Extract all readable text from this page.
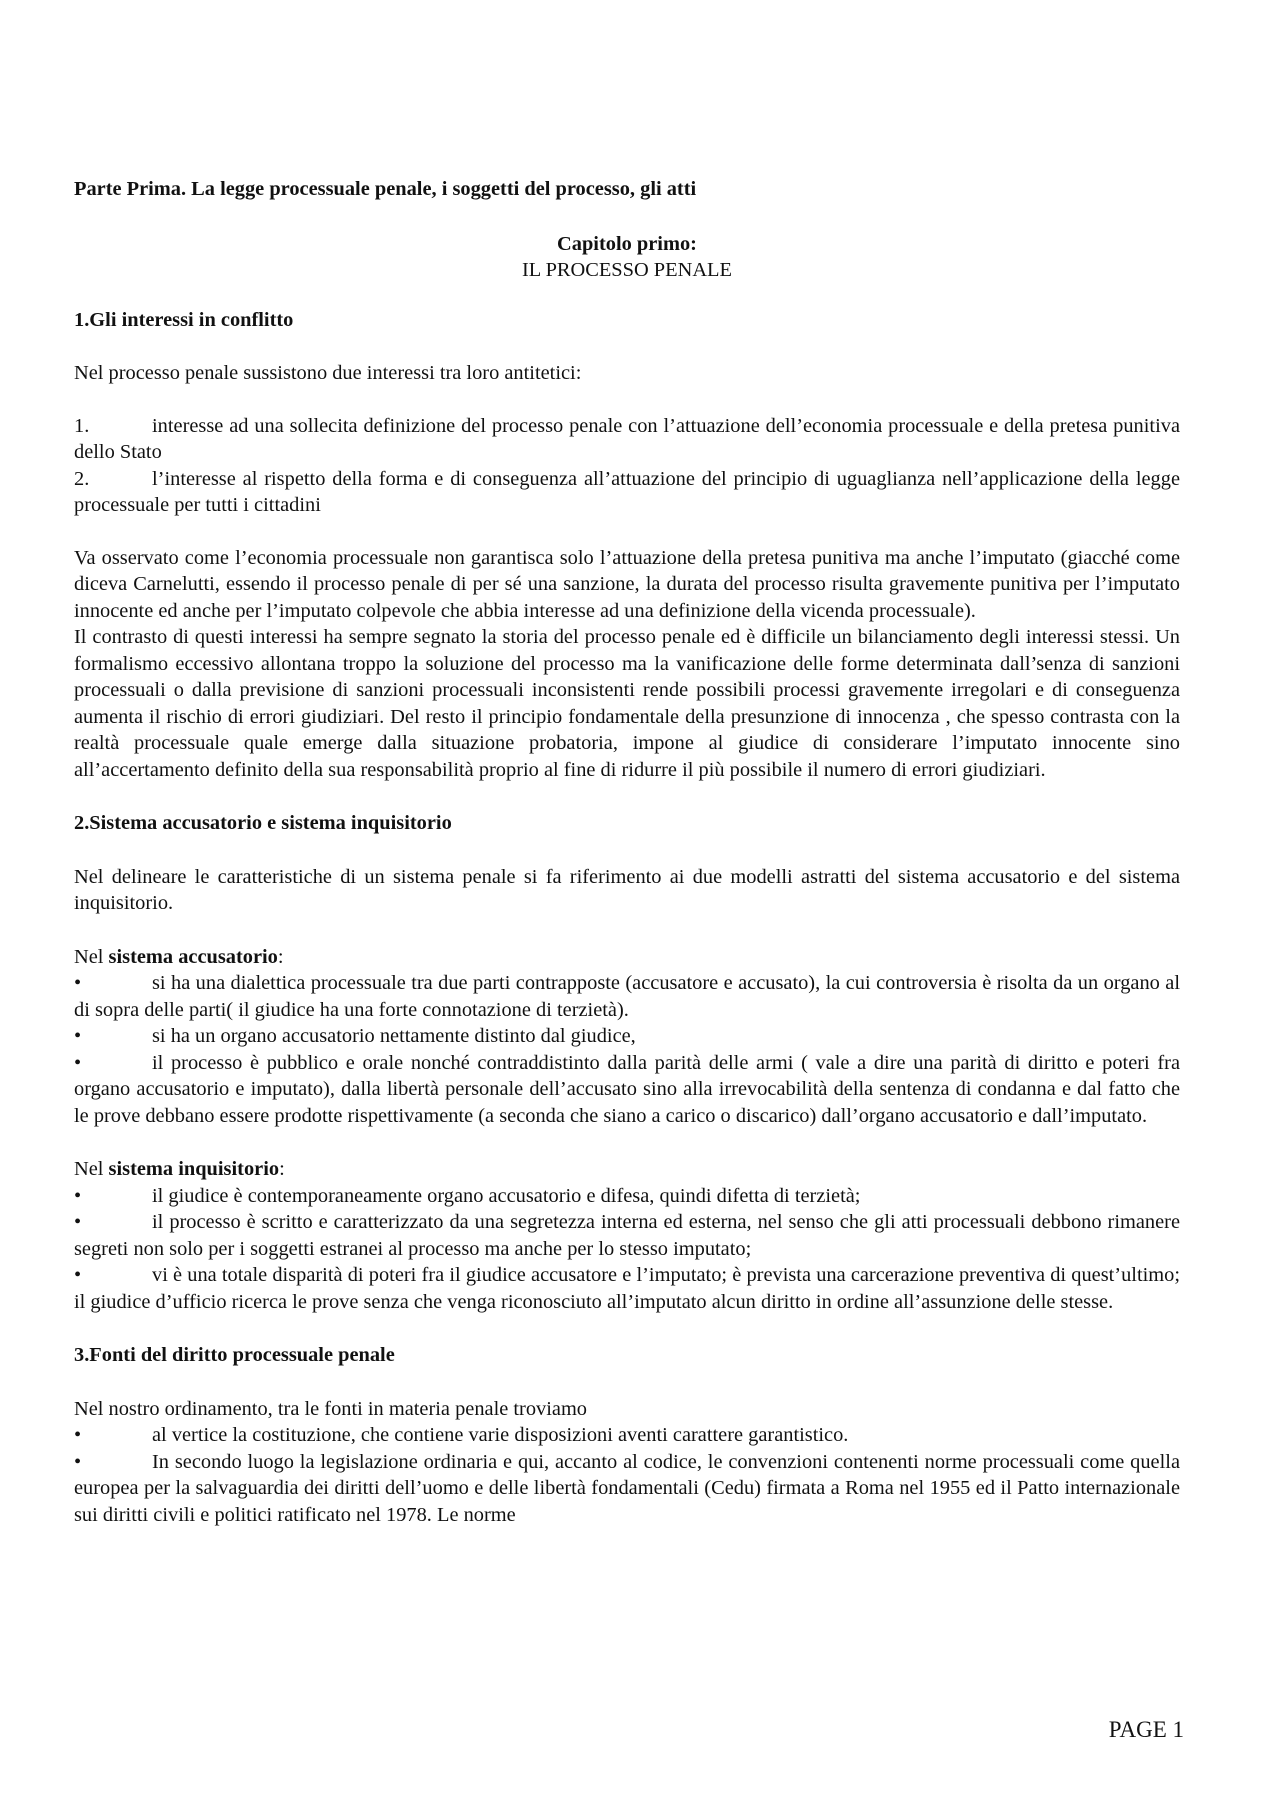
Parte Prima. La legge processuale penale, i soggetti del processo, gli atti

Capitolo primo:
IL PROCESSO PENALE

1.Gli interessi in conflitto

Nel processo penale sussistono due interessi tra loro antitetici:

1.	interesse ad una sollecita definizione del processo penale con l’attuazione dell’economia processuale e della pretesa punitiva dello Stato

2.	l’interesse al rispetto della forma e di conseguenza all’attuazione del principio di uguaglianza nell’applicazione della legge processuale per tutti i cittadini

Va osservato come l’economia processuale non garantisca solo l’attuazione della pretesa punitiva ma anche l’imputato (giacché come diceva Carnelutti, essendo il processo penale di per sé una sanzione, la durata del processo risulta gravemente punitiva per l’imputato innocente ed anche per l’imputato colpevole che abbia interesse ad una definizione della vicenda processuale).

Il contrasto di questi interessi ha sempre segnato la storia del processo penale ed è difficile un bilanciamento degli interessi stessi. Un formalismo eccessivo allontana troppo la soluzione del processo ma la vanificazione delle forme determinata dall’senza di sanzioni processuali o dalla previsione di sanzioni processuali inconsistenti rende possibili processi gravemente irregolari e di conseguenza aumenta il rischio di errori giudiziari. Del resto il principio fondamentale della presunzione di innocenza , che spesso contrasta con la realtà processuale quale emerge dalla situazione probatoria, impone al giudice di considerare l’imputato innocente sino all’accertamento definito della sua responsabilità proprio al fine di ridurre il più possibile il numero di errori giudiziari.

2.Sistema accusatorio e sistema inquisitorio

Nel delineare le caratteristiche di un sistema penale si fa riferimento ai due modelli astratti del sistema accusatorio e del sistema inquisitorio.

Nel sistema accusatorio:

•	si ha una dialettica processuale tra due parti contrapposte (accusatore e accusato), la cui controversia è risolta da un organo al di sopra delle parti( il giudice ha una forte connotazione di terzietà).

•	si ha un organo accusatorio nettamente distinto dal giudice,

•	il processo è pubblico e orale nonché contraddistinto dalla parità delle armi ( vale a dire una parità di diritto e poteri fra organo accusatorio e imputato), dalla libertà personale dell’accusato sino alla irrevocabilità della sentenza di condanna e dal fatto che le prove debbano essere prodotte rispettivamente (a seconda che siano a carico o discarico) dall’organo accusatorio e dall’imputato.

Nel sistema inquisitorio:

•	il giudice è contemporaneamente organo accusatorio e difesa, quindi difetta di terzietà;

•	il processo è scritto e caratterizzato da una segretezza interna ed esterna, nel senso che gli atti processuali debbono rimanere segreti non solo per i soggetti estranei al processo ma anche per lo stesso imputato;

•	vi è una totale disparità di poteri fra il giudice accusatore e l’imputato; è prevista una carcerazione preventiva di quest’ultimo; il giudice d’ufficio ricerca le prove senza che venga riconosciuto all’imputato alcun diritto in ordine all’assunzione delle stesse.

3.Fonti del diritto processuale penale

Nel nostro ordinamento, tra le fonti in materia penale troviamo

•	al vertice la costituzione, che contiene varie disposizioni aventi carattere garantistico.

•	In secondo luogo la legislazione ordinaria e qui, accanto al codice, le convenzioni contenenti norme processuali come quella europea per la salvaguardia dei diritti dell’uomo e delle libertà fondamentali (Cedu) firmata a Roma nel 1955 ed il Patto internazionale sui diritti civili e politici ratificato nel 1978. Le norme

PAGE 1
